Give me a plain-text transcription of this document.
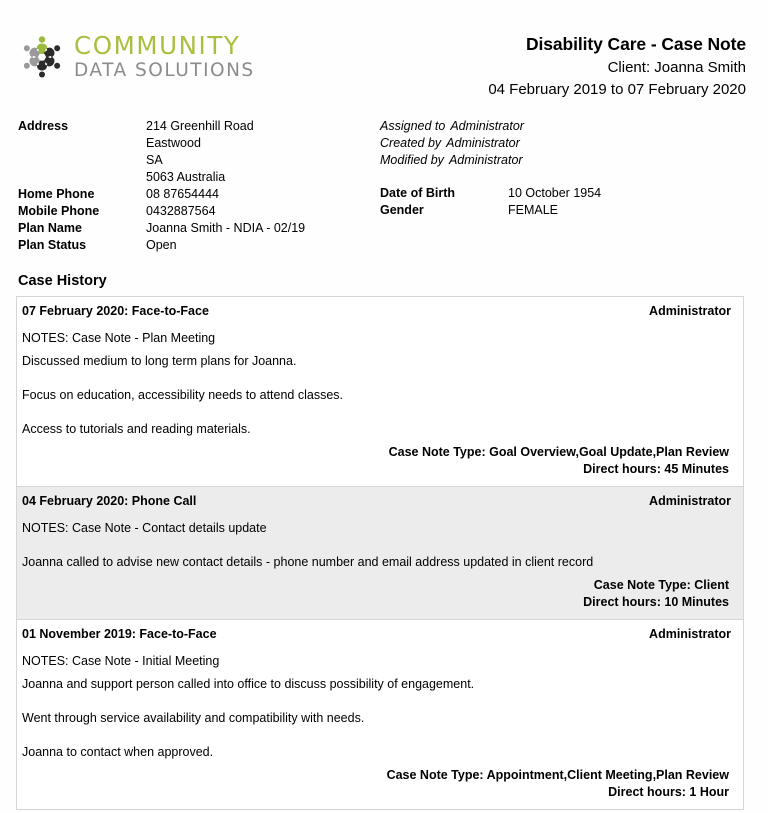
COMMUNITY
DATA SOLUTIONS
Disability Care - Case Note
Client: Joanna Smith
04 February 2019 to 07 February 2020
Address	214 Greenhill Road
Eastwood
SA
5063 Australia
Home Phone	08 87654444
Mobile Phone	0432887564
Plan Name	Joanna Smith - NDIA - 02/19
Plan Status	Open
Assigned to Administrator
Created by Administrator
Modified by Administrator
Date of Birth	10 October 1954
Gender	FEMALE
Case History
07 February 2020: Face-to-Face	Administrator

NOTES: Case Note - Plan Meeting

Discussed medium to long term plans for Joanna.

Focus on education, accessibility needs to attend classes.

Access to tutorials and reading materials.

Case Note Type: Goal Overview,Goal Update,Plan Review
Direct hours: 45 Minutes
04 February 2020: Phone Call	Administrator

NOTES: Case Note - Contact details update

Joanna called to advise new contact details - phone number and email address updated in client record

Case Note Type: Client
Direct hours: 10 Minutes
01 November 2019: Face-to-Face	Administrator

NOTES: Case Note - Initial Meeting

Joanna and support person called into office to discuss possibility of engagement.

Went through service availability and compatibility with needs.

Joanna to contact when approved.

Case Note Type: Appointment,Client Meeting,Plan Review
Direct hours: 1 Hour
